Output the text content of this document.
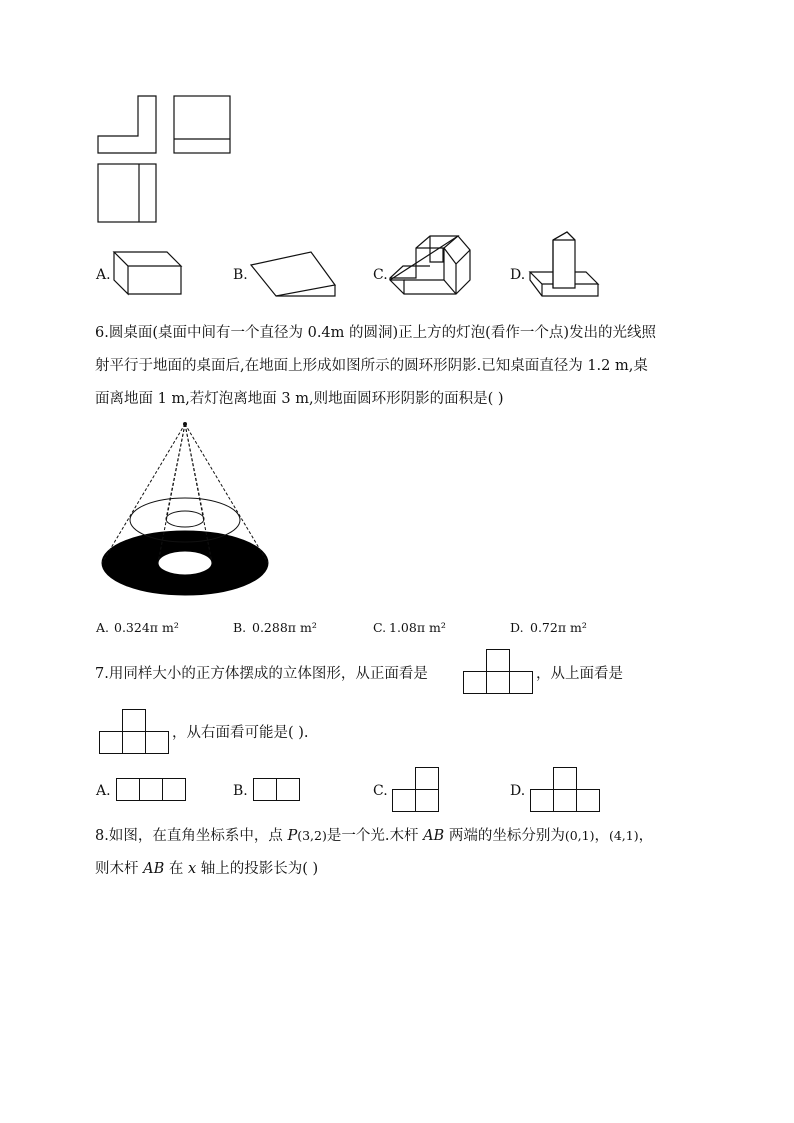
A.	B.	C.	D.
6.圆桌面(桌面中间有一个直径为 0.4m 的圆洞)正上方的灯泡(看作一个点)发出的光线照
射平行于地面的桌面后,在地面上形成如图所示的圆环形阴影.已知桌面直径为 1.2 m,桌
面离地面 1 m,若灯泡离地面 3 m,则地面圆环形阴影的面积是( )
A. 0.324π m²	B. 0.288π m²	C. 1.08π m²	D. 0.72π m²
7.用同样大小的正方体摆成的立体图形，从正面看是	，从上面看是
，从右面看可能是( ).
A.	B.	C.	D.
8.如图，在直角坐标系中，点 P(3,2)是一个光.木杆 AB 两端的坐标分别为(0,1)，(4,1)，
则木杆 AB 在 x 轴上的投影长为( )
